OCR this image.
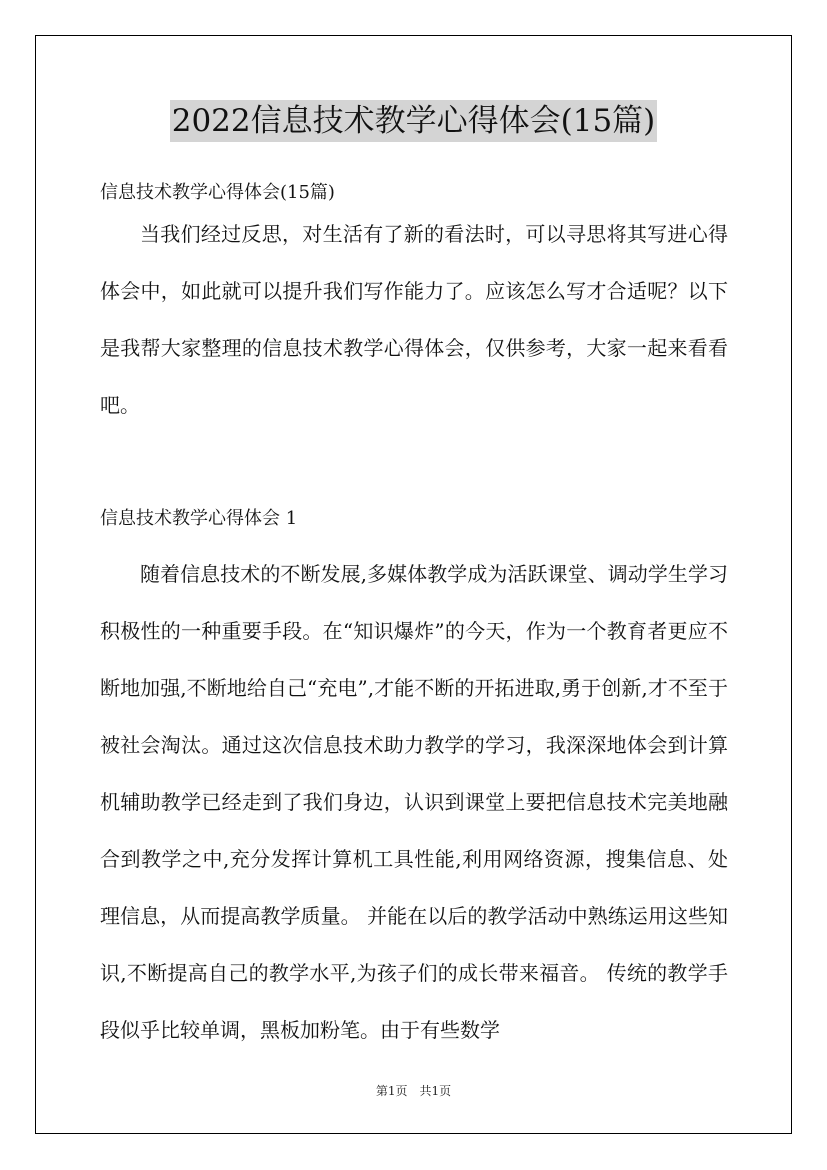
2022信息技术教学心得体会(15篇)
信息技术教学心得体会(15篇)

当我们经过反思，对生活有了新的看法时，可以寻思将其写进心得体会中，如此就可以提升我们写作能力了。应该怎么写才合适呢？以下是我帮大家整理的信息技术教学心得体会，仅供参考，大家一起来看看吧。

信息技术教学心得体会 1

随着信息技术的不断发展,多媒体教学成为活跃课堂、调动学生学习积极性的一种重要手段。在“知识爆炸”的今天，作为一个教育者更应不断地加强,不断地给自己“充电”,才能不断的开拓进取,勇于创新,才不至于被社会淘汰。通过这次信息技术助力教学的学习，我深深地体会到计算机辅助教学已经走到了我们身边，认识到课堂上要把信息技术完美地融合到教学之中,充分发挥计算机工具性能,利用网络资源，搜集信息、处理信息，从而提高教学质量。 并能在以后的教学活动中熟练运用这些知识,不断提高自己的教学水平,为孩子们的成长带来福音。 传统的教学手段似乎比较单调，黑板加粉笔。由于有些数学

第1页 共1页
